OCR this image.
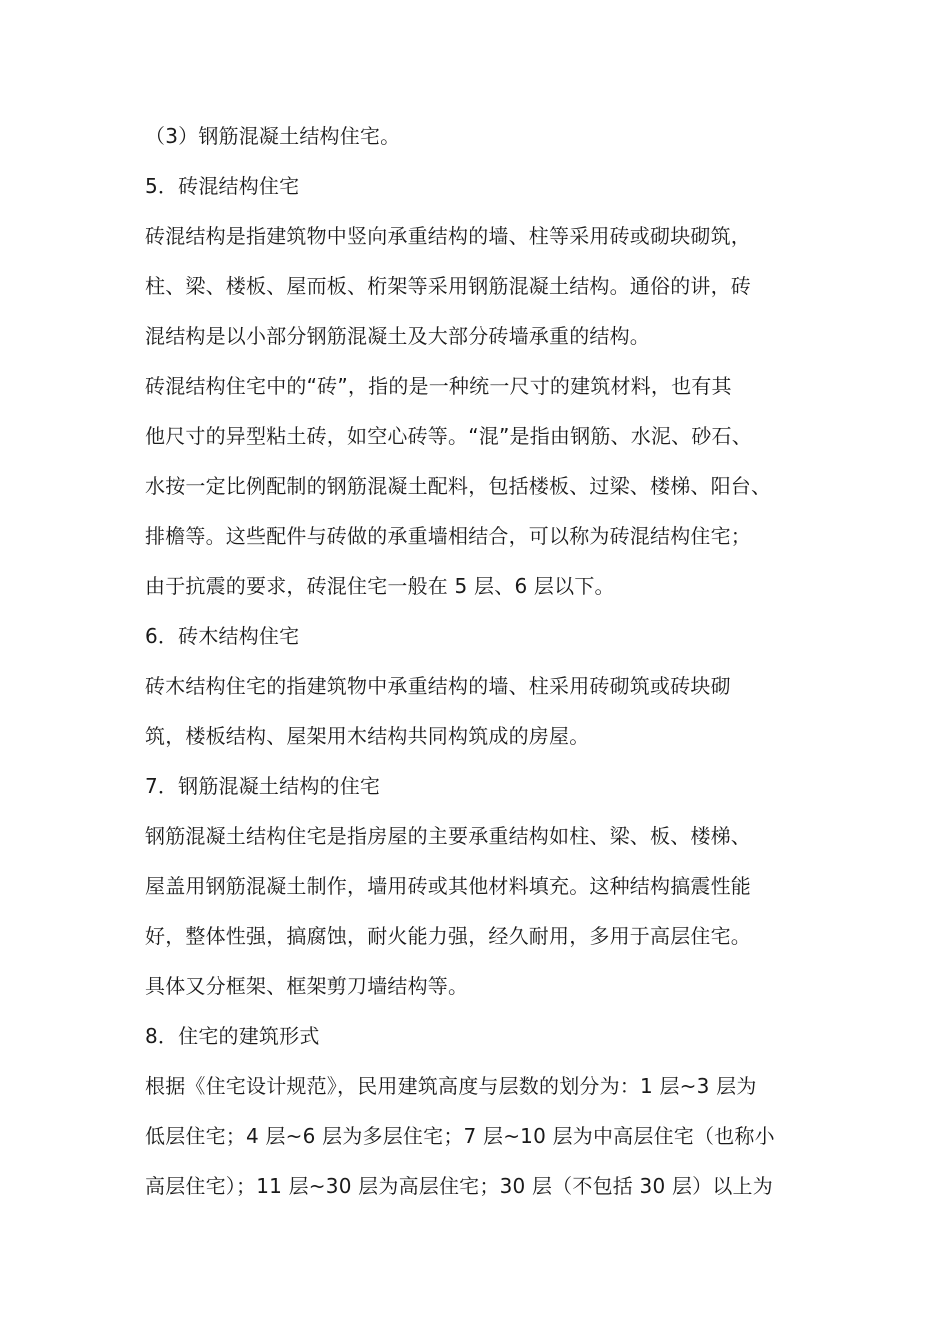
（3）钢筋混凝土结构住宅。
5．砖混结构住宅
砖混结构是指建筑物中竖向承重结构的墙、柱等采用砖或砌块砌筑，
柱、梁、楼板、屋而板、桁架等采用钢筋混凝土结构。通俗的讲，砖
混结构是以小部分钢筋混凝土及大部分砖墙承重的结构。
砖混结构住宅中的“砖”，指的是一种统一尺寸的建筑材料，也有其
他尺寸的异型粘土砖，如空心砖等。“混”是指由钢筋、水泥、砂石、
水按一定比例配制的钢筋混凝土配料，包括楼板、过梁、楼梯、阳台、
排檐等。这些配件与砖做的承重墙相结合，可以称为砖混结构住宅；
由于抗震的要求，砖混住宅一般在 5 层、6 层以下。
6．砖木结构住宅
砖木结构住宅的指建筑物中承重结构的墙、柱采用砖砌筑或砖块砌
筑，楼板结构、屋架用木结构共同构筑成的房屋。
7．钢筋混凝土结构的住宅
钢筋混凝土结构住宅是指房屋的主要承重结构如柱、梁、板、楼梯、
屋盖用钢筋混凝土制作，墙用砖或其他材料填充。这种结构搞震性能
好，整体性强，搞腐蚀，耐火能力强，经久耐用，多用于高层住宅。
具体又分框架、框架剪刀墙结构等。
8．住宅的建筑形式
根据《住宅设计规范》，民用建筑高度与层数的划分为：1 层~3 层为
低层住宅；4 层~6 层为多层住宅；7 层~10 层为中高层住宅（也称小
高层住宅）；11 层~30 层为高层住宅；30 层（不包括 30 层）以上为
